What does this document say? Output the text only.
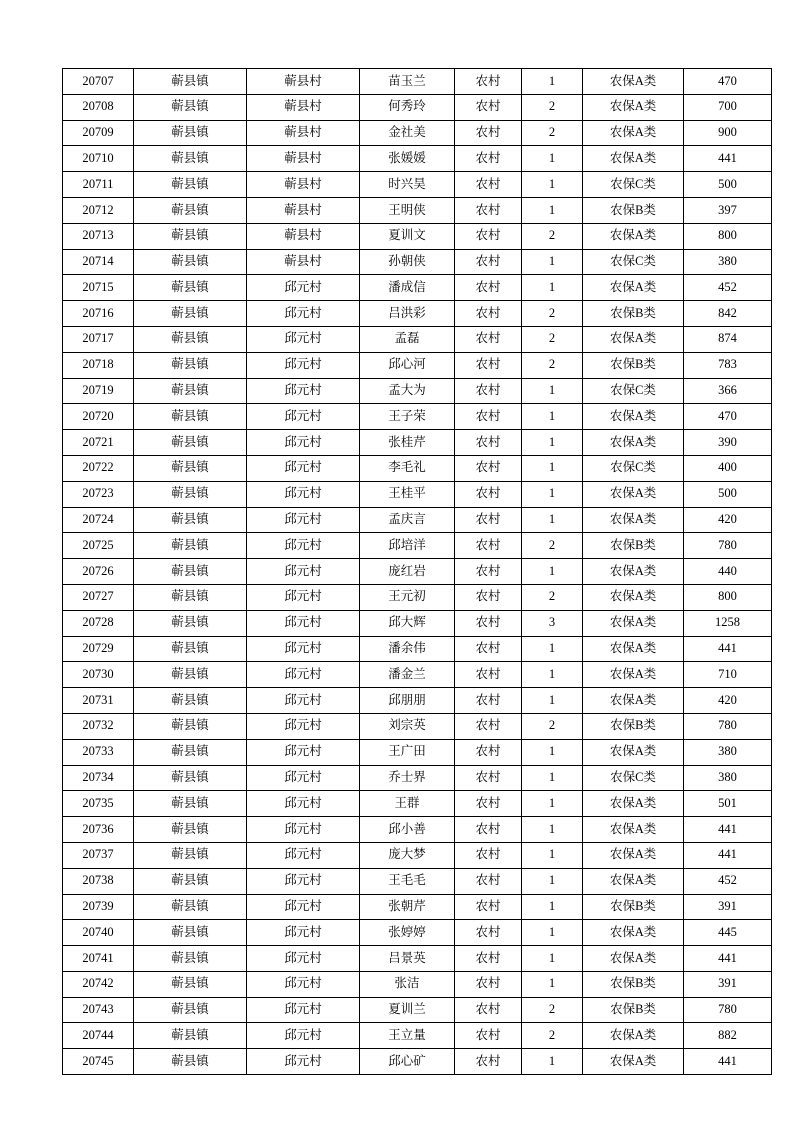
20707	蕲县镇	蕲县村	苗玉兰	农村	1	农保A类	470
20708	蕲县镇	蕲县村	何秀玲	农村	2	农保A类	700
20709	蕲县镇	蕲县村	金社美	农村	2	农保A类	900
20710	蕲县镇	蕲县村	张媛媛	农村	1	农保A类	441
20711	蕲县镇	蕲县村	时兴昊	农村	1	农保C类	500
20712	蕲县镇	蕲县村	王明侠	农村	1	农保B类	397
20713	蕲县镇	蕲县村	夏训文	农村	2	农保A类	800
20714	蕲县镇	蕲县村	孙朝侠	农村	1	农保C类	380
20715	蕲县镇	邱元村	潘成信	农村	1	农保A类	452
20716	蕲县镇	邱元村	吕洪彩	农村	2	农保B类	842
20717	蕲县镇	邱元村	孟磊	农村	2	农保A类	874
20718	蕲县镇	邱元村	邱心河	农村	2	农保B类	783
20719	蕲县镇	邱元村	孟大为	农村	1	农保C类	366
20720	蕲县镇	邱元村	王子荣	农村	1	农保A类	470
20721	蕲县镇	邱元村	张桂芹	农村	1	农保A类	390
20722	蕲县镇	邱元村	李毛礼	农村	1	农保C类	400
20723	蕲县镇	邱元村	王桂平	农村	1	农保A类	500
20724	蕲县镇	邱元村	孟庆言	农村	1	农保A类	420
20725	蕲县镇	邱元村	邱培洋	农村	2	农保B类	780
20726	蕲县镇	邱元村	庞红岩	农村	1	农保A类	440
20727	蕲县镇	邱元村	王元初	农村	2	农保A类	800
20728	蕲县镇	邱元村	邱大辉	农村	3	农保A类	1258
20729	蕲县镇	邱元村	潘余伟	农村	1	农保A类	441
20730	蕲县镇	邱元村	潘金兰	农村	1	农保A类	710
20731	蕲县镇	邱元村	邱朋朋	农村	1	农保A类	420
20732	蕲县镇	邱元村	刘宗英	农村	2	农保B类	780
20733	蕲县镇	邱元村	王广田	农村	1	农保A类	380
20734	蕲县镇	邱元村	乔士界	农村	1	农保C类	380
20735	蕲县镇	邱元村	王群	农村	1	农保A类	501
20736	蕲县镇	邱元村	邱小善	农村	1	农保A类	441
20737	蕲县镇	邱元村	庞大梦	农村	1	农保A类	441
20738	蕲县镇	邱元村	王毛毛	农村	1	农保A类	452
20739	蕲县镇	邱元村	张朝芹	农村	1	农保B类	391
20740	蕲县镇	邱元村	张婷婷	农村	1	农保A类	445
20741	蕲县镇	邱元村	吕景英	农村	1	农保A类	441
20742	蕲县镇	邱元村	张洁	农村	1	农保B类	391
20743	蕲县镇	邱元村	夏训兰	农村	2	农保B类	780
20744	蕲县镇	邱元村	王立量	农村	2	农保A类	882
20745	蕲县镇	邱元村	邱心矿	农村	1	农保A类	441
